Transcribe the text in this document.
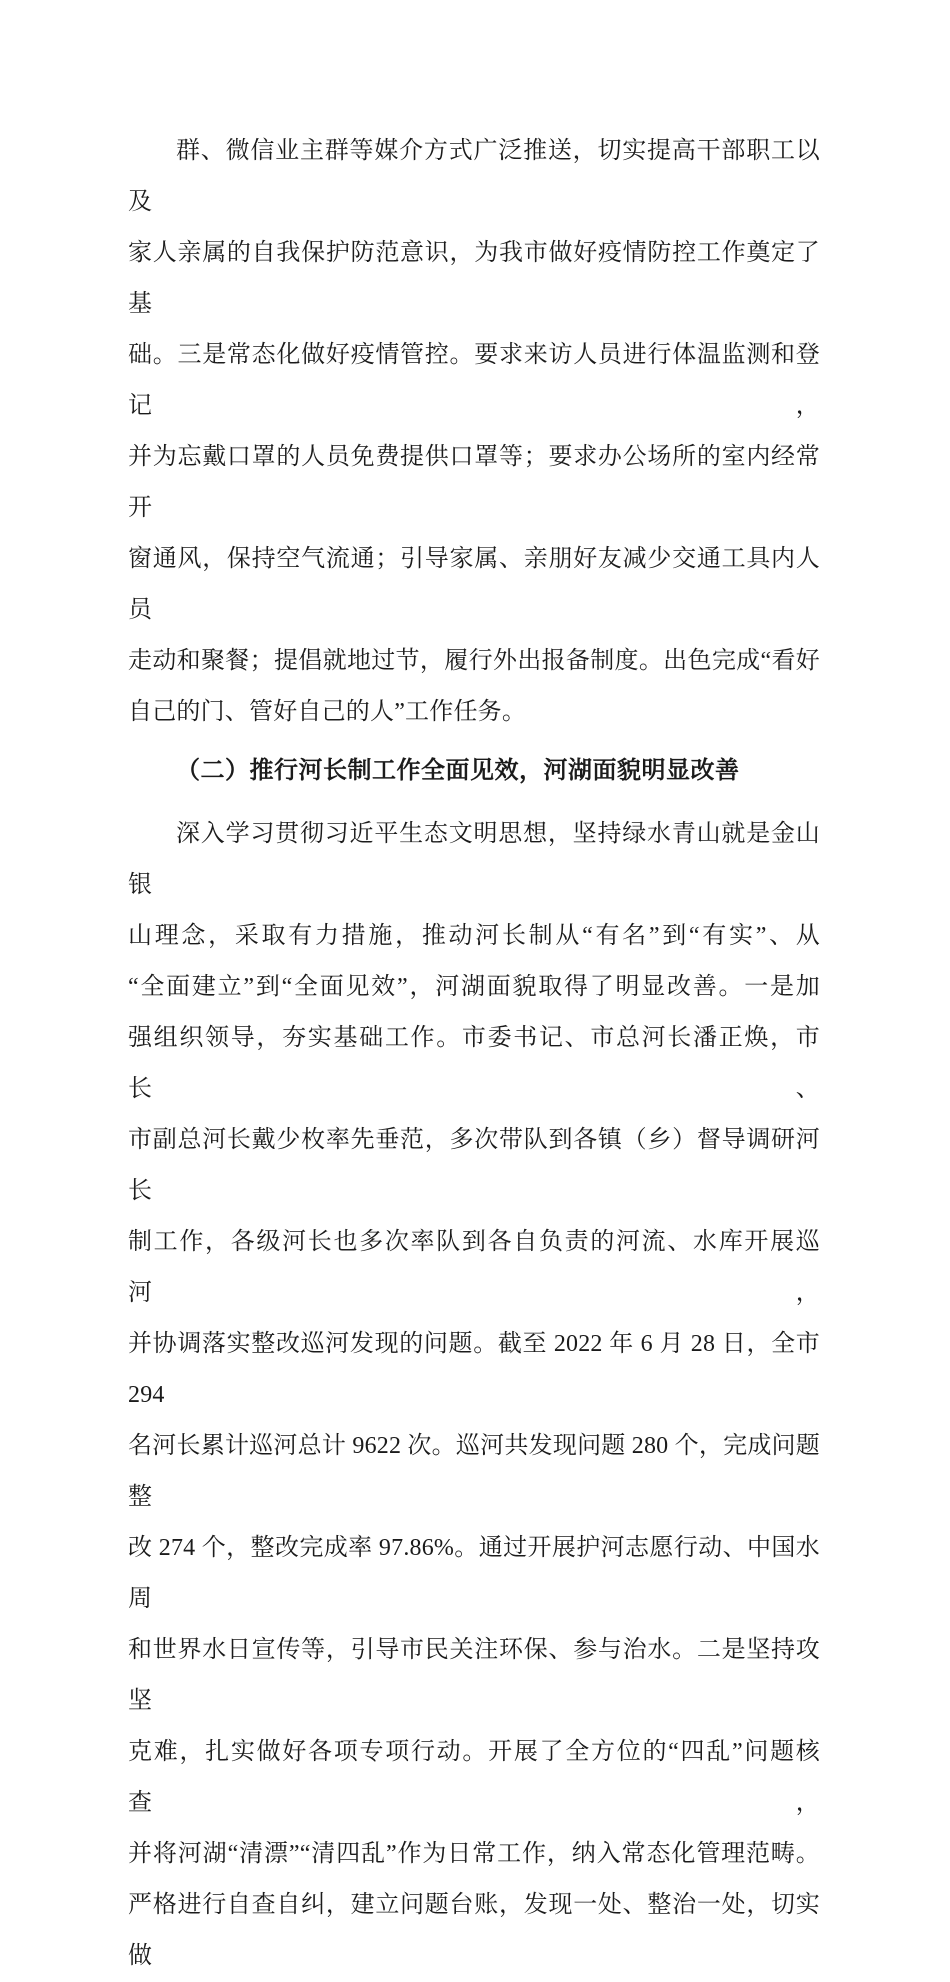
群、微信业主群等媒介方式广泛推送，切实提高干部职工以及
家人亲属的自我保护防范意识，为我市做好疫情防控工作奠定了基
础。三是常态化做好疫情管控。要求来访人员进行体温监测和登记，
并为忘戴口罩的人员免费提供口罩等；要求办公场所的室内经常开
窗通风，保持空气流通；引导家属、亲朋好友减少交通工具内人员
走动和聚餐；提倡就地过节，履行外出报备制度。出色完成“看好
自己的门、管好自己的人”工作任务。
（二）推行河长制工作全面见效，河湖面貌明显改善
深入学习贯彻习近平生态文明思想，坚持绿水青山就是金山银
山理念，采取有力措施，推动河长制从“有名”到“有实”、从
“全面建立”到“全面见效”，河湖面貌取得了明显改善。一是加
强组织领导，夯实基础工作。市委书记、市总河长潘正焕，市长、
市副总河长戴少枚率先垂范，多次带队到各镇（乡）督导调研河长
制工作，各级河长也多次率队到各自负责的河流、水库开展巡河，
并协调落实整改巡河发现的问题。截至 2022 年 6 月 28 日，全市 294
名河长累计巡河总计 9622 次。巡河共发现问题 280 个，完成问题整
改 274 个，整改完成率 97.86%。通过开展护河志愿行动、中国水周
和世界水日宣传等，引导市民关注环保、参与治水。二是坚持攻坚
克难，扎实做好各项专项行动。开展了全方位的“四乱”问题核查，
并将河湖“清漂”“清四乱”作为日常工作，纳入常态化管理范畴。
严格进行自查自纠，建立问题台账，发现一处、整治一处，切实做
